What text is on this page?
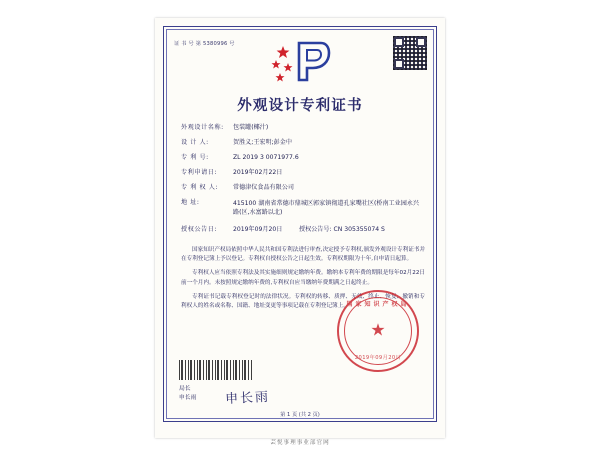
证 书 号 第 5380996 号
外观设计专利证书
外观设计名称:	包装罐(椰汁)
设 计 人:	贺胜义;王宏明;彭金中
专 利 号:	ZL 2019 3 0071977.6
专利申请日:	2019年02月22日
专 利 权 人:	常德津仪食品有限公司
地 址:	415100 湖南省常德市鼎城区郭家镇彻道孔家嘴社区(桥南工业园永兴路(区,水富路以北)
授权公告日:	2019年09月20日	授权公告号: CN 305355074 S

国家知识产权局依照中华人民共和国专利法进行审查,决定授予专利权,颁发外观设计专利证书并在专利登记簿上予以登记。专利权自授权公告之日起生效。专利权期限为十年,自申请日起算。

专利权人应当依照专利法及其实施细则规定缴纳年费。缴纳本专利年费的期限是每年02月22日前一个月内。未按照规定缴纳年费的,专利权自应当缴纳年费期满之日起终止。

专利证书记载专利权登记时的法律状况。专利权的转移、质押、无效、终止、恢复、撤销和专利权人的姓名或名称、国籍、地址变更等事项记载在专利登记簿上。

国家知识产权局
★
2019年09月20日
局长
申长雨 申长雨
第 1 页 (共 2 页)
芸悦事理事业部官网
